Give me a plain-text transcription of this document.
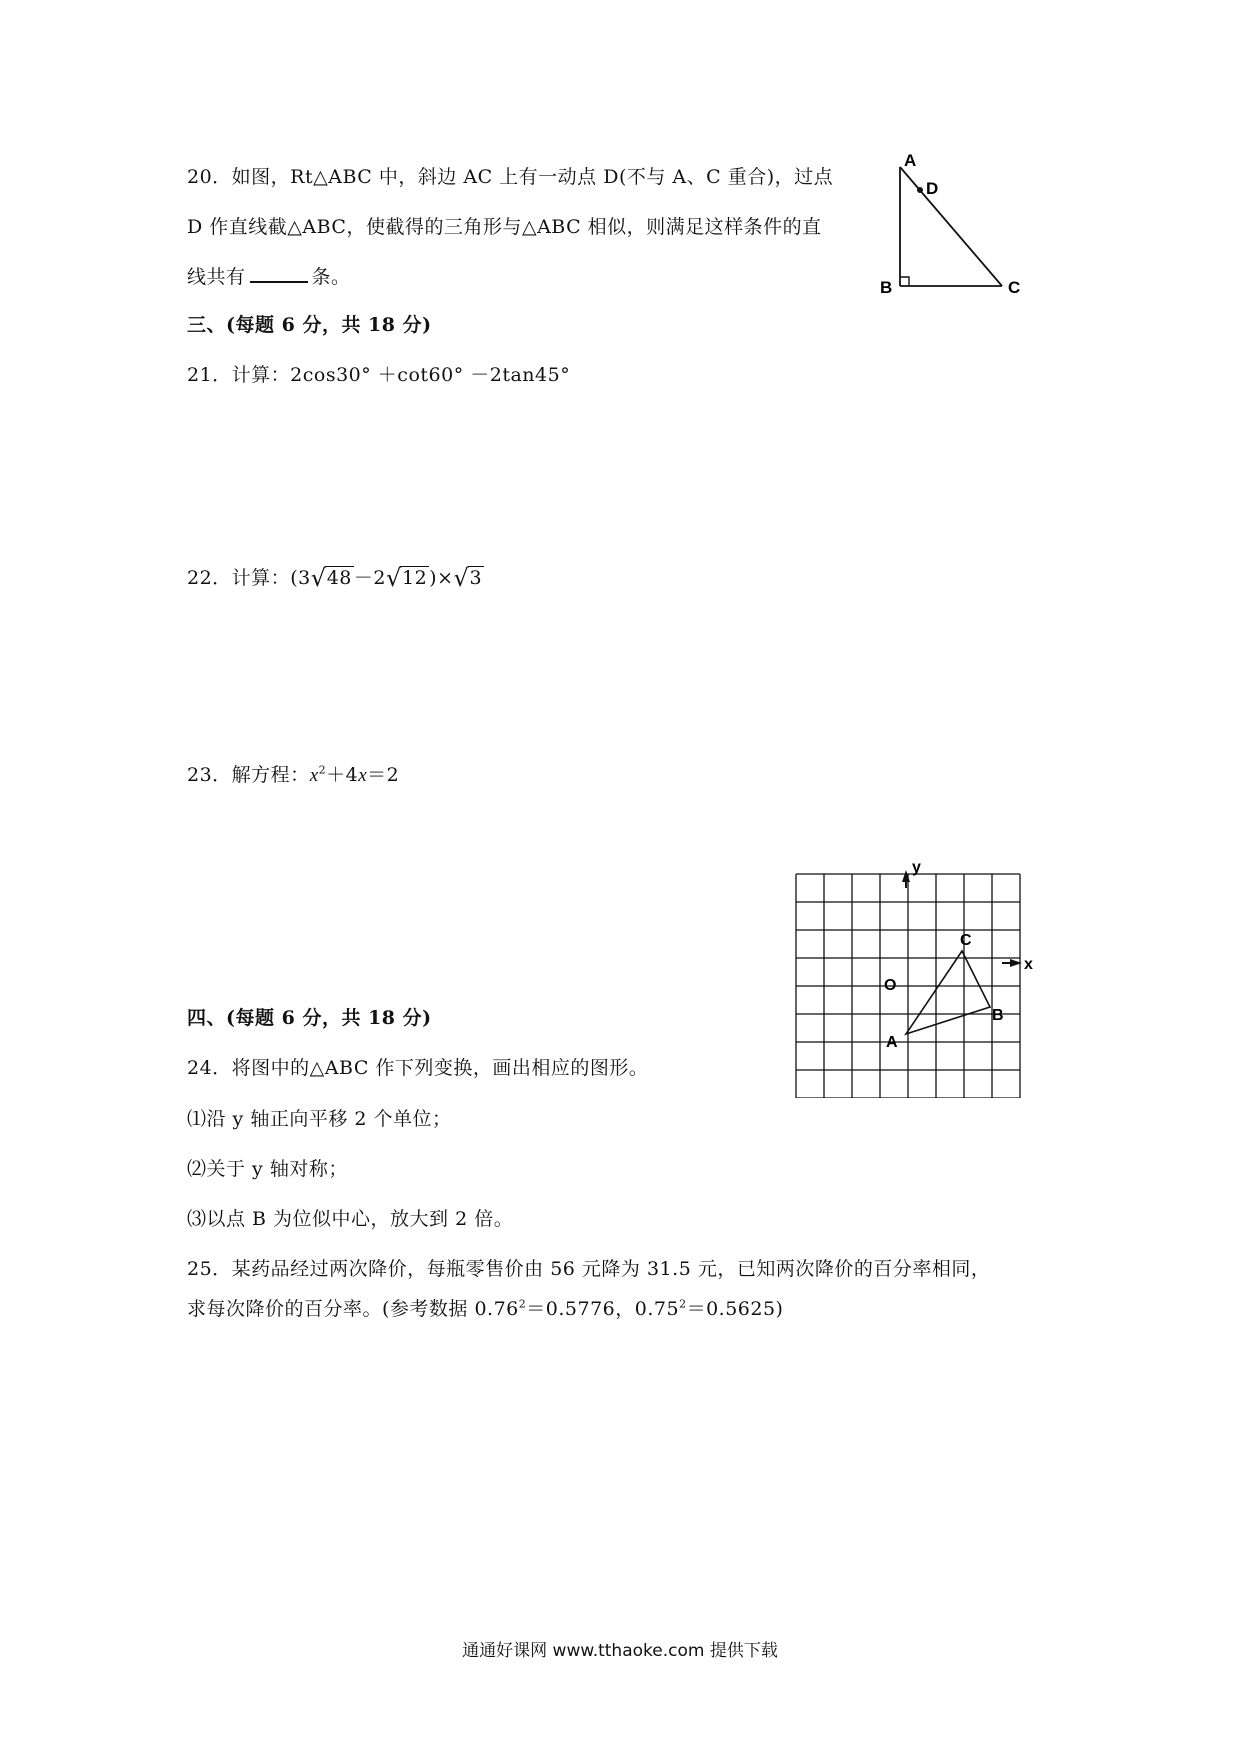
20．如图，Rt△ABC 中，斜边 AC 上有一动点 D(不与 A、C 重合)，过点
D 作直线截△ABC，使截得的三角形与△ABC 相似，则满足这样条件的直
线共有	条。
A
D
B	C
三、(每题 6 分，共 18 分)
21．计算：2cos30° ＋cot60° －2tan45°
22．计算：(3 √ 48 －2 √ 12 )× √ 3
23．解方程：$x^2+4x=2$
y
x
O
A
B
C
四、(每题 6 分，共 18 分)
24．将图中的△ABC 作下列变换，画出相应的图形。
⑴沿 y 轴正向平移 2 个单位；
⑵关于 y 轴对称；
⑶以点 B 为位似中心，放大到 2 倍。
25．某药品经过两次降价，每瓶零售价由 56 元降为 31.5 元，已知两次降价的百分率相同，
求每次降价的百分率。(参考数据 $0.76^2=0.5776$，$0.75^2=0.5625$)
通通好课网 www.tthaoke.com 提供下载
